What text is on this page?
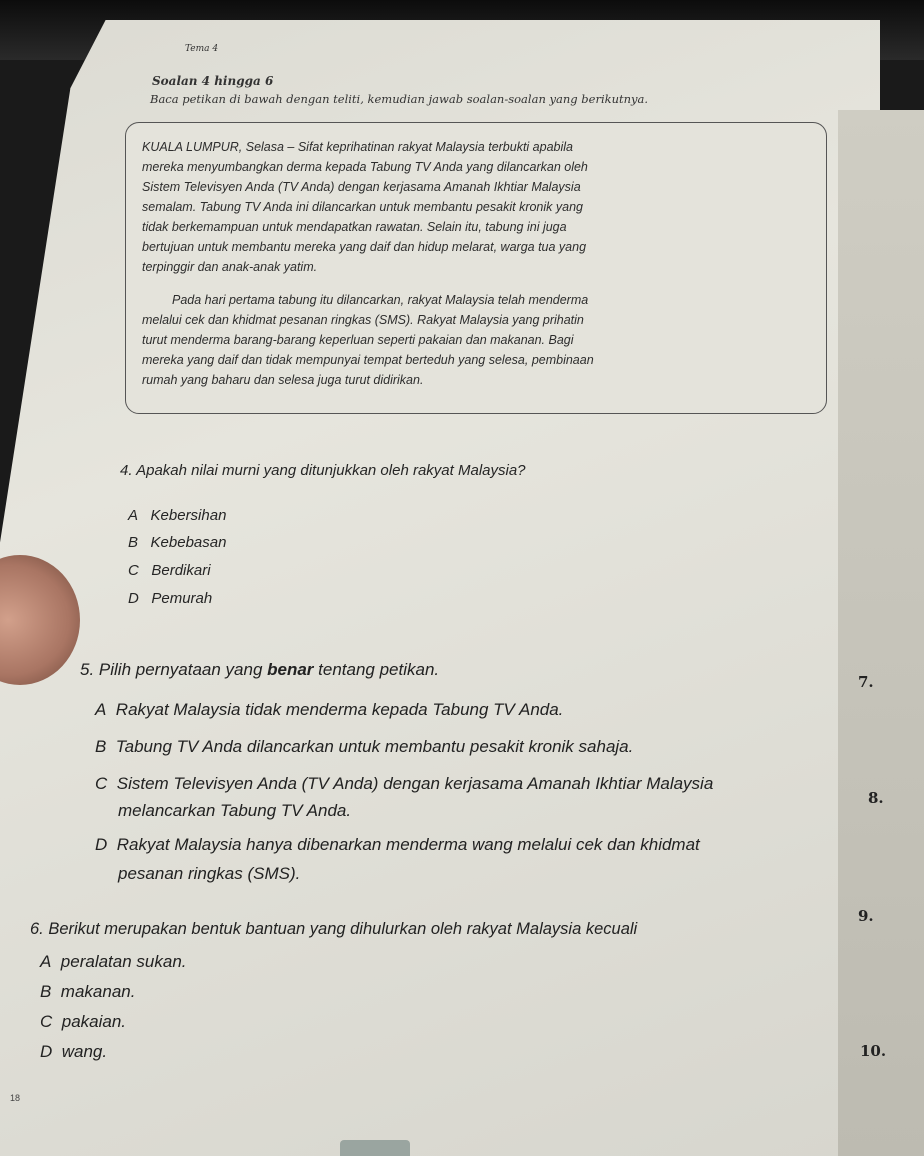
Tema 4
Soalan 4 hingga 6
Baca petikan di bawah dengan teliti, kemudian jawab soalan-soalan yang berikutnya.
KUALA LUMPUR, Selasa – Sifat keprihatinan rakyat Malaysia terbukti apabila
mereka menyumbangkan derma kepada Tabung TV Anda yang dilancarkan oleh
Sistem Televisyen Anda (TV Anda) dengan kerjasama Amanah Ikhtiar Malaysia
semalam. Tabung TV Anda ini dilancarkan untuk membantu pesakit kronik yang
tidak berkemampuan untuk mendapatkan rawatan. Selain itu, tabung ini juga
bertujuan untuk membantu mereka yang daif dan hidup melarat, warga tua yang
terpinggir dan anak-anak yatim.
Pada hari pertama tabung itu dilancarkan, rakyat Malaysia telah menderma
melalui cek dan khidmat pesanan ringkas (SMS). Rakyat Malaysia yang prihatin
turut menderma barang-barang keperluan seperti pakaian dan makanan. Bagi
mereka yang daif dan tidak mempunyai tempat berteduh yang selesa, pembinaan
rumah yang baharu dan selesa juga turut didirikan.
4. Apakah nilai murni yang ditunjukkan oleh rakyat Malaysia?
A Kebersihan
B Kebebasan
C Berdikari
D Pemurah
5. Pilih pernyataan yang benar tentang petikan.
A Rakyat Malaysia tidak menderma kepada Tabung TV Anda.
B Tabung TV Anda dilancarkan untuk membantu pesakit kronik sahaja.
C Sistem Televisyen Anda (TV Anda) dengan kerjasama Amanah Ikhtiar Malaysia
melancarkan Tabung TV Anda.
D Rakyat Malaysia hanya dibenarkan menderma wang melalui cek dan khidmat
pesanan ringkas (SMS).
6. Berikut merupakan bentuk bantuan yang dihulurkan oleh rakyat Malaysia kecuali
A peralatan sukan.
B makanan.
C pakaian.
D wang.
7.
8.
9.
10.
18
